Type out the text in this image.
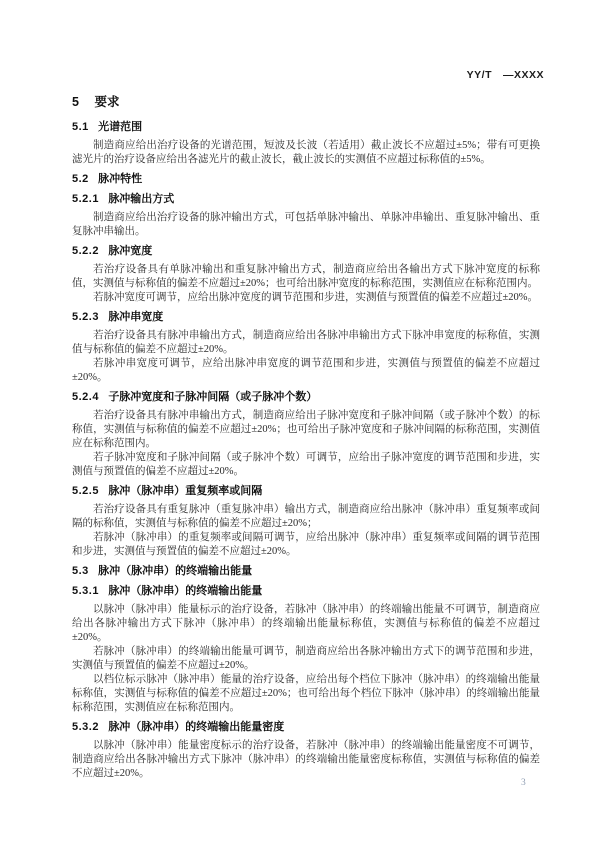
YY/T　—XXXX
5 要求
5.1 光谱范围

制造商应给出治疗设备的光谱范围，短波及长波（若适用）截止波长不应超过±5%；带有可更换滤光片的治疗设备应给出各滤光片的截止波长，截止波长的实测值不应超过标称值的±5%。

5.2 脉冲特性
5.2.1 脉冲输出方式

制造商应给出治疗设备的脉冲输出方式，可包括单脉冲输出、单脉冲串输出、重复脉冲输出、重复脉冲串输出。

5.2.2 脉冲宽度

若治疗设备具有单脉冲输出和重复脉冲输出方式，制造商应给出各输出方式下脉冲宽度的标称值，实测值与标称值的偏差不应超过±20%；也可给出脉冲宽度的标称范围，实测值应在标称范围内。

若脉冲宽度可调节，应给出脉冲宽度的调节范围和步进，实测值与预置值的偏差不应超过±20%。

5.2.3 脉冲串宽度

若治疗设备具有脉冲串输出方式，制造商应给出各脉冲串输出方式下脉冲串宽度的标称值，实测值与标称值的偏差不应超过±20%。

若脉冲串宽度可调节，应给出脉冲串宽度的调节范围和步进，实测值与预置值的偏差不应超过±20%。

5.2.4 子脉冲宽度和子脉冲间隔（或子脉冲个数）

若治疗设备具有脉冲串输出方式，制造商应给出子脉冲宽度和子脉冲间隔（或子脉冲个数）的标称值，实测值与标称值的偏差不应超过±20%；也可给出子脉冲宽度和子脉冲间隔的标称范围，实测值应在标称范围内。

若子脉冲宽度和子脉冲间隔（或子脉冲个数）可调节，应给出子脉冲宽度的调节范围和步进，实测值与预置值的偏差不应超过±20%。

5.2.5 脉冲（脉冲串）重复频率或间隔

若治疗设备具有重复脉冲（重复脉冲串）输出方式，制造商应给出脉冲（脉冲串）重复频率或间隔的标称值，实测值与标称值的偏差不应超过±20%；

若脉冲（脉冲串）的重复频率或间隔可调节，应给出脉冲（脉冲串）重复频率或间隔的调节范围和步进，实测值与预置值的偏差不应超过±20%。

5.3 脉冲（脉冲串）的终端输出能量
5.3.1 脉冲（脉冲串）的终端输出能量

以脉冲（脉冲串）能量标示的治疗设备，若脉冲（脉冲串）的终端输出能量不可调节，制造商应给出各脉冲输出方式下脉冲（脉冲串）的终端输出能量标称值，实测值与标称值的偏差不应超过±20%。

若脉冲（脉冲串）的终端输出能量可调节，制造商应给出各脉冲输出方式下的调节范围和步进，实测值与预置值的偏差不应超过±20%。

以档位标示脉冲（脉冲串）能量的治疗设备，应给出每个档位下脉冲（脉冲串）的终端输出能量标称值，实测值与标称值的偏差不应超过±20%；也可给出每个档位下脉冲（脉冲串）的终端输出能量标称范围，实测值应在标称范围内。

5.3.2 脉冲（脉冲串）的终端输出能量密度

以脉冲（脉冲串）能量密度标示的治疗设备，若脉冲（脉冲串）的终端输出能量密度不可调节，制造商应给出各脉冲输出方式下脉冲（脉冲串）的终端输出能量密度标称值，实测值与标称值的偏差不应超过±20%。

3
